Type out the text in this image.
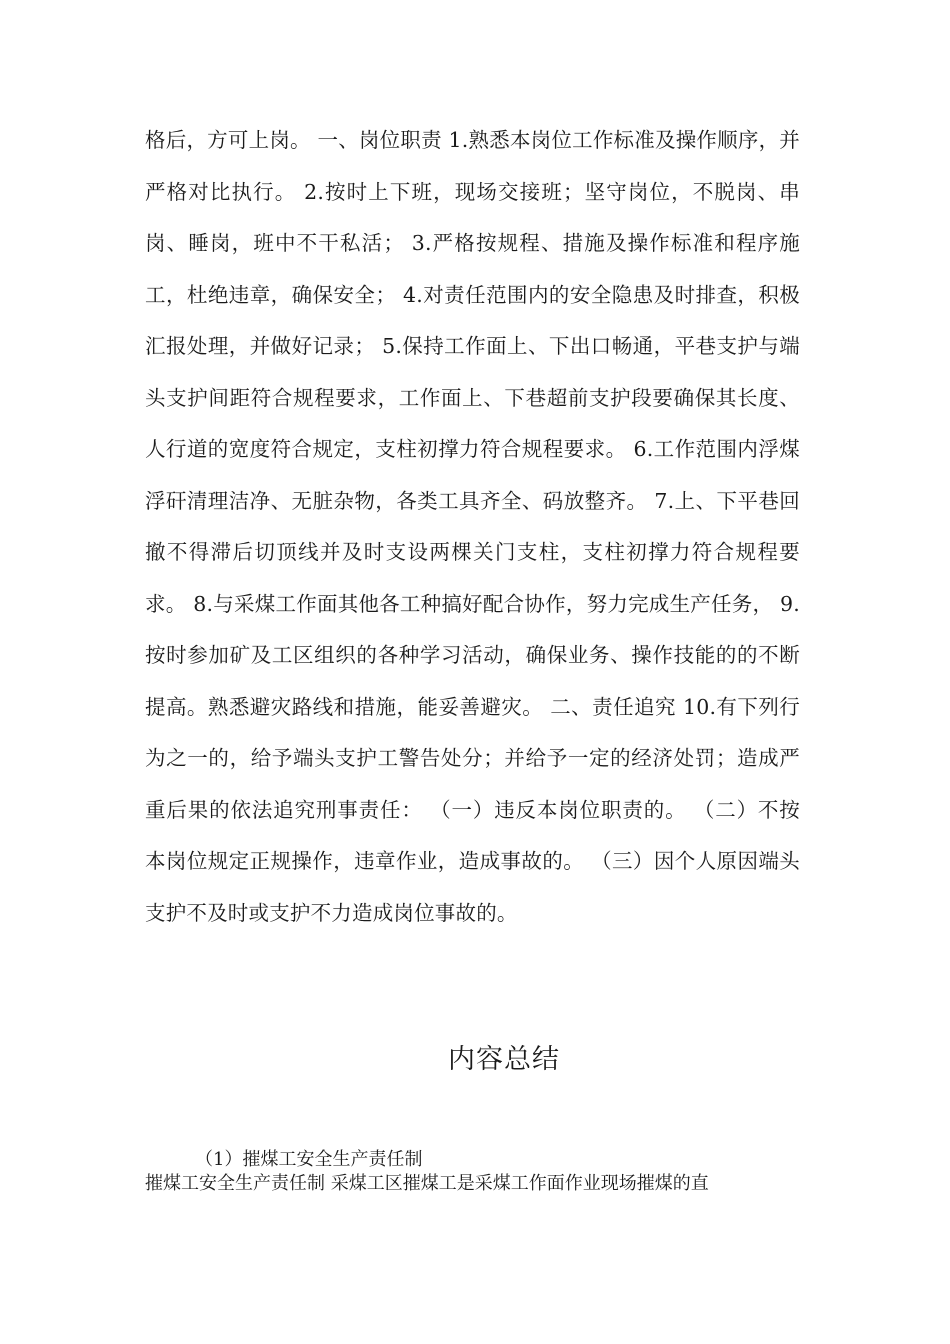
格后，方可上岗。 一、岗位职责 1.熟悉本岗位工作标准及操作顺序，并严格对比执行。 2.按时上下班，现场交接班；坚守岗位，不脱岗、串岗、睡岗，班中不干私活； 3.严格按规程、措施及操作标准和程序施工，杜绝违章，确保安全； 4.对责任范围内的安全隐患及时排查，积极汇报处理，并做好记录； 5.保持工作面上、下出口畅通，平巷支护与端头支护间距符合规程要求，工作面上、下巷超前支护段要确保其长度、人行道的宽度符合规定，支柱初撑力符合规程要求。 6.工作范围内浮煤浮矸清理洁净、无脏杂物，各类工具齐全、码放整齐。 7.上、下平巷回撤不得滞后切顶线并及时支设两棵关门支柱，支柱初撑力符合规程要求。 8.与采煤工作面其他各工种搞好配合协作，努力完成生产任务， 9.按时参加矿及工区组织的各种学习活动，确保业务、操作技能的的不断提高。熟悉避灾路线和措施，能妥善避灾。 二、责任追究 10.有下列行为之一的，给予端头支护工警告处分；并给予一定的经济处罚；造成严重后果的依法追究刑事责任： （一）违反本岗位职责的。 （二）不按本岗位规定正规操作，违章作业，造成事故的。 （三）因个人原因端头支护不及时或支护不力造成岗位事故的。
内容总结
（1）摧煤工安全生产责任制
摧煤工安全生产责任制 采煤工区摧煤工是采煤工作面作业现场摧煤的直
